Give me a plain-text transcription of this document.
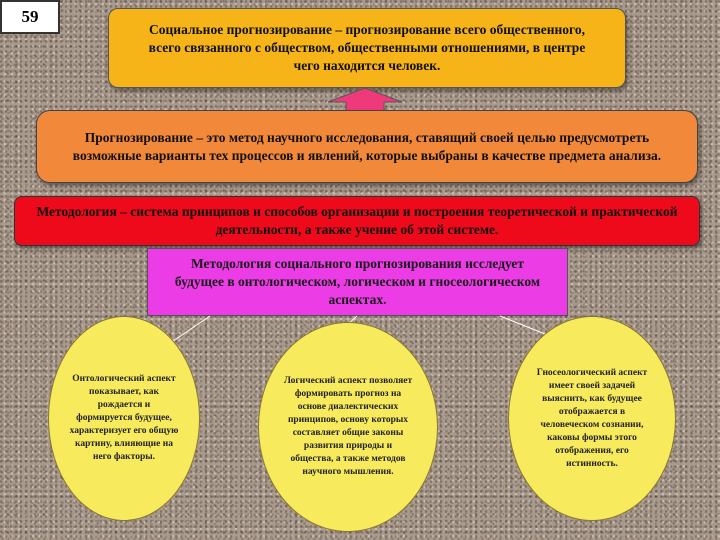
59
Социальное прогнозирование – прогнозирование всего общественного, всего связанного с обществом, общественными отношениями, в центре чего находится человек.
Прогнозирование – это метод научного исследования, ставящий своей целью предусмотреть возможные варианты тех процессов и явлений, которые выбраны в качестве предмета анализа.
Методология – система принципов и способов организации и построения теоретической и практической деятельности, а также учение об этой системе.
Методология социального прогнозирования исследует будущее в онтологическом, логическом и гносеологическом аспектах.
Онтологический аспект показывает, как рождается и формируется будущее, характеризует его общую картину, влияющие на него факторы.
Логический аспект позволяет формировать прогноз на основе диалектических принципов, основу которых составляет общие законы развития природы и общества, а также методов научного мышления.
Гносеологический аспект имеет своей задачей выяснить, как будущее отображается в человеческом сознании, каковы формы этого отображения, его истинность.
